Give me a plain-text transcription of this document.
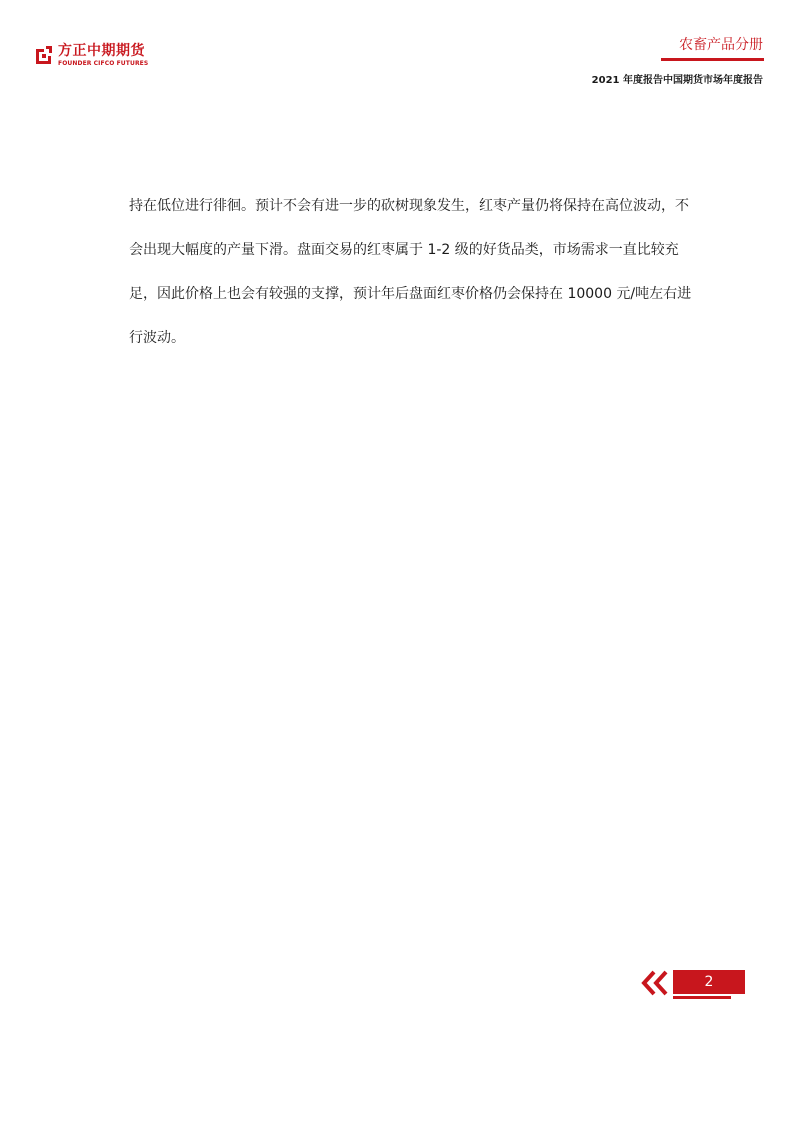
方正中期期货
FOUNDER CIFCO FUTURES
农畜产品分册
2021 年度报告中国期货市场年度报告
持在低位进行徘徊。预计不会有进一步的砍树现象发生，红枣产量仍将保持在高位波动，不
会出现大幅度的产量下滑。盘面交易的红枣属于 1-2 级的好货品类，市场需求一直比较充
足，因此价格上也会有较强的支撑，预计年后盘面红枣价格仍会保持在 10000 元/吨左右进
行波动。
2
